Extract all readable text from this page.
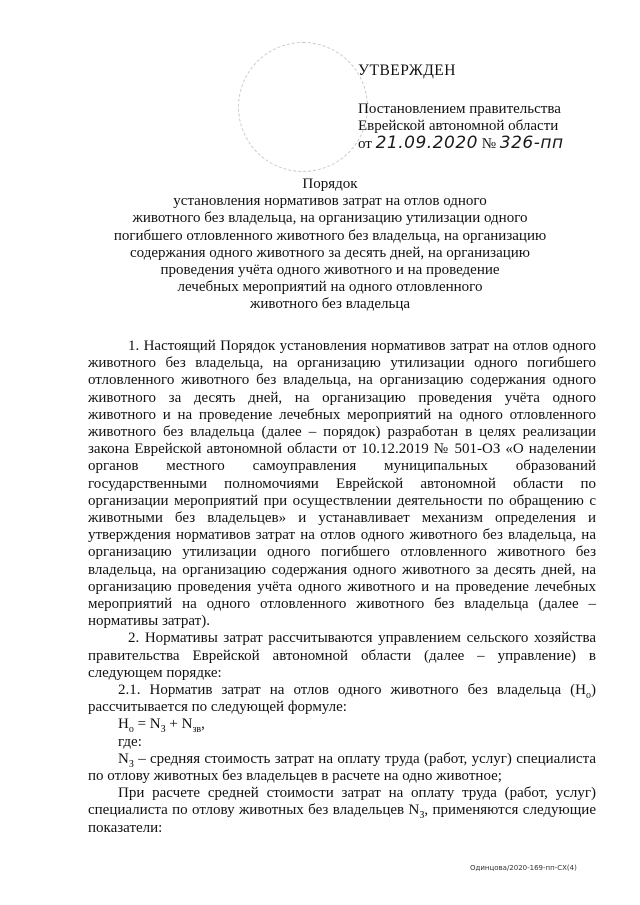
УТВЕРЖДЕН
Постановлением правительства
Еврейской автономной области
от 21.09.2020 № 326-пп
Порядок
установления нормативов затрат на отлов одного
животного без владельца, на организацию утилизации одного
погибшего отловленного животного без владельца, на организацию
содержания одного животного за десять дней, на организацию
проведения учёта одного животного и на проведение
лечебных мероприятий на одного отловленного
животного без владельца

1. Настоящий Порядок установления нормативов затрат на отлов одного животного без владельца, на организацию утилизации одного погибшего отловленного животного без владельца, на организацию содержания одного животного за десять дней, на организацию проведения учёта одного животного и на проведение лечебных мероприятий на одного отловленного животного без владельца (далее – порядок) разработан в целях реализации закона Еврейской автономной области от 10.12.2019 № 501-ОЗ «О наделении органов местного самоуправления муниципальных образований государственными полномочиями Еврейской автономной области по организации мероприятий при осуществлении деятельности по обращению с животными без владельцев» и устанавливает механизм определения и утверждения нормативов затрат на отлов одного животного без владельца, на организацию утилизации одного погибшего отловленного животного без владельца, на организацию содержания одного животного за десять дней, на организацию проведения учёта одного животного и на проведение лечебных мероприятий на одного отловленного животного без владельца (далее – нормативы затрат).

2. Нормативы затрат рассчитываются управлением сельского хозяйства правительства Еврейской автономной области (далее – управление) в следующем порядке:

2.1. Норматив затрат на отлов одного животного без владельца $(Н_о)$ рассчитывается по следующей формуле:

$Н_о = N_З + N_{зв}$,

где:

$N_З$ – средняя стоимость затрат на оплату труда (работ, услуг) специалиста по отлову животных без владельцев в расчете на одно животное;

При расчете средней стоимости затрат на оплату труда (работ, услуг) специалиста по отлову животных без владельцев $N_З$, применяются следующие показатели:

Одинцова/2020-169-пп-СХ(4)
